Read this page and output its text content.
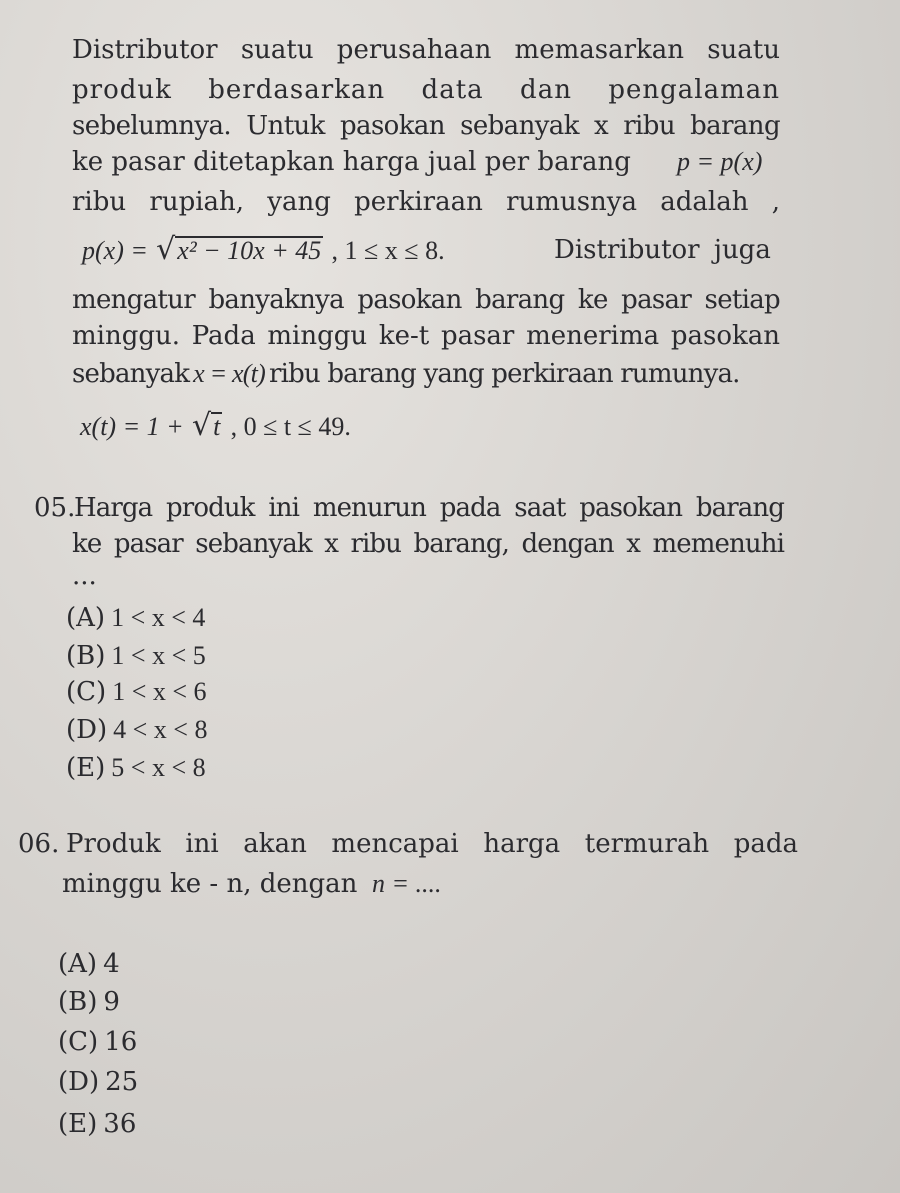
Distributor suatu perusahaan memasarkan suatu
produk berdasarkan data dan pengalaman
sebelumnya. Untuk pasokan sebanyak x ribu barang
ke pasar ditetapkan harga jual per barang p = p(x)
ribu rupiah, yang perkiraan rumusnya adalah ,
p(x) = √x² − 10x + 45 , 1 ≤ x ≤ 8.	Distributor juga
mengatur banyaknya pasokan barang ke pasar setiap
minggu. Pada minggu ke-t pasar menerima pasokan
sebanyak x = x(t) ribu barang yang perkiraan rumunya.
x(t) = 1 + √t , 0 ≤ t ≤ 49.
05.
Harga produk ini menurun pada saat pasokan barang
ke pasar sebanyak x ribu barang, dengan x memenuhi
...
(A) 1 < x < 4
(B) 1 < x < 5
(C) 1 < x < 6
(D) 4 < x < 8
(E) 5 < x < 8
06. Produk ini akan mencapai harga termurah pada
minggu ke - n, dengan n = ....
(A) 4
(B) 9
(C) 16
(D) 25
(E) 36
